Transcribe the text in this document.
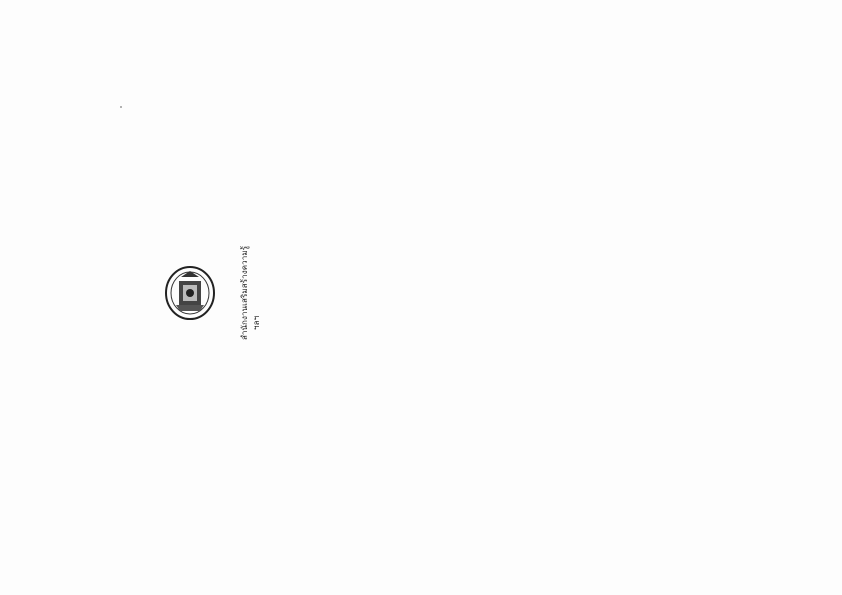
สำนักงานเสริมสร้างความรู้ ฯลฯ
